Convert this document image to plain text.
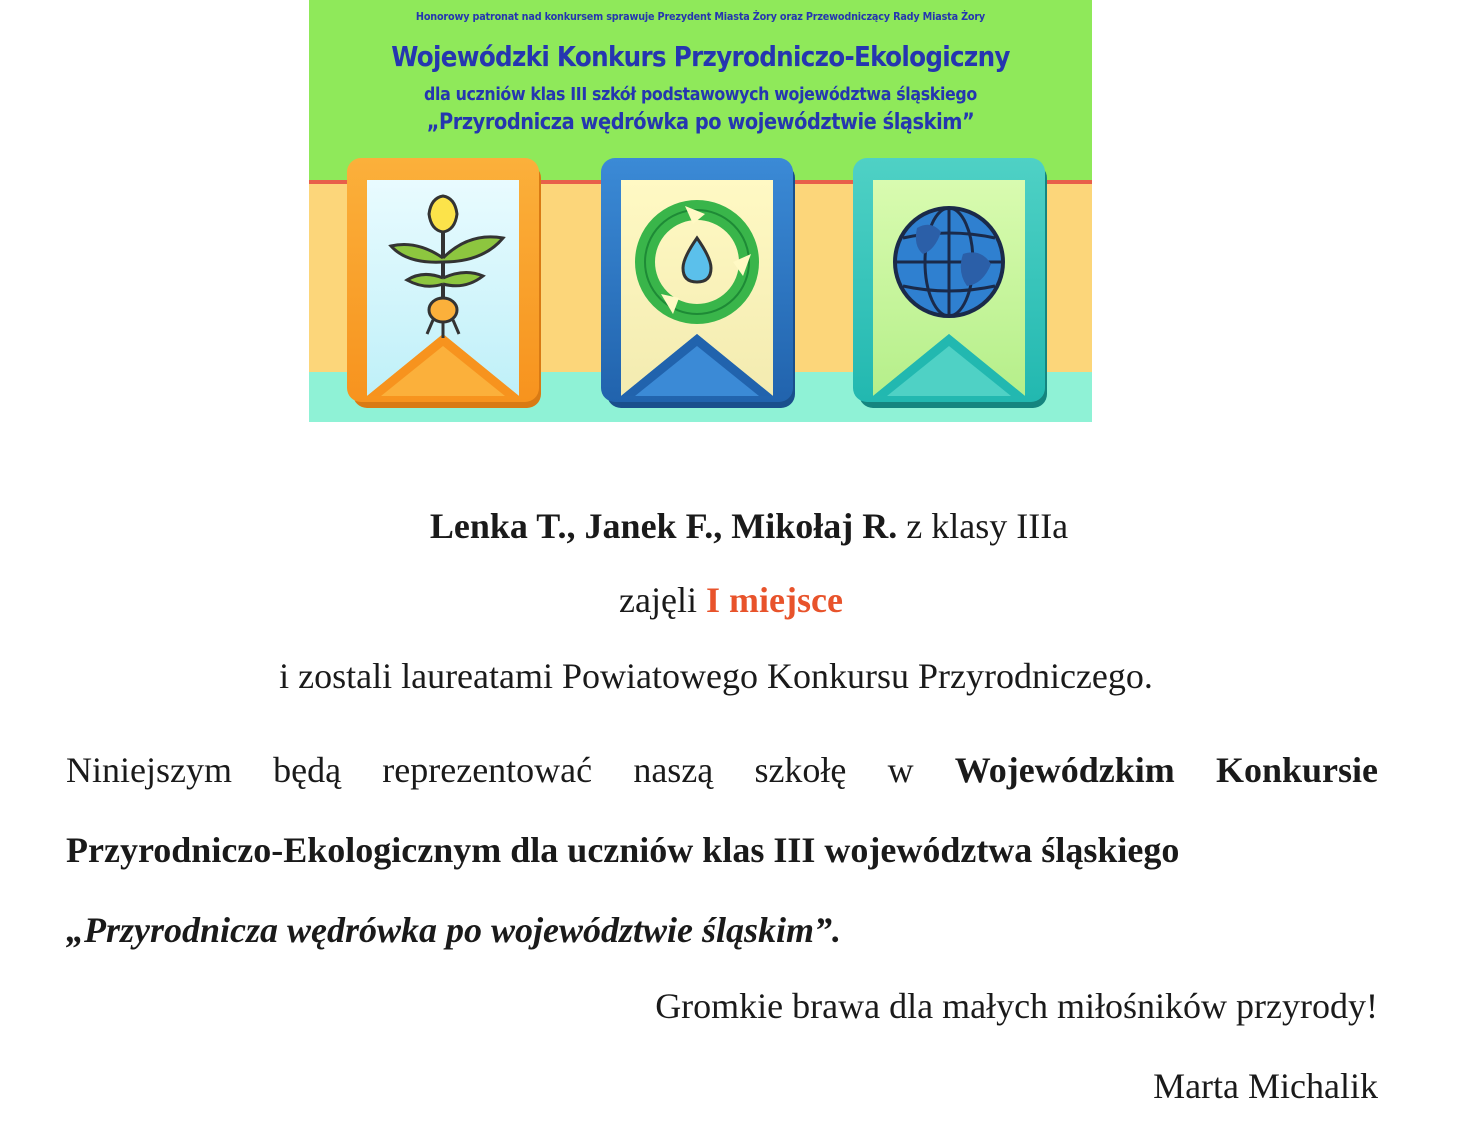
Honorowy patronat nad konkursem sprawuje Prezydent Miasta Żory oraz Przewodniczący Rady Miasta Żory
Wojewódzki Konkurs Przyrodniczo-Ekologiczny
dla uczniów klas III szkół podstawowych województwa śląskiego
„Przyrodnicza wędrówka po województwie śląskim”
Lenka T., Janek F., Mikołaj R. z klasy IIIa
zajęli I miejsce
i zostali laureatami Powiatowego Konkursu Przyrodniczego.
Niniejszym będą reprezentować naszą szkołę w Wojewódzkim Konkursie Przyrodniczo-Ekologicznym dla uczniów klas III województwa śląskiego
„Przyrodnicza wędrówka po województwie śląskim”.
Gromkie brawa dla małych miłośników przyrody!
Marta Michalik
